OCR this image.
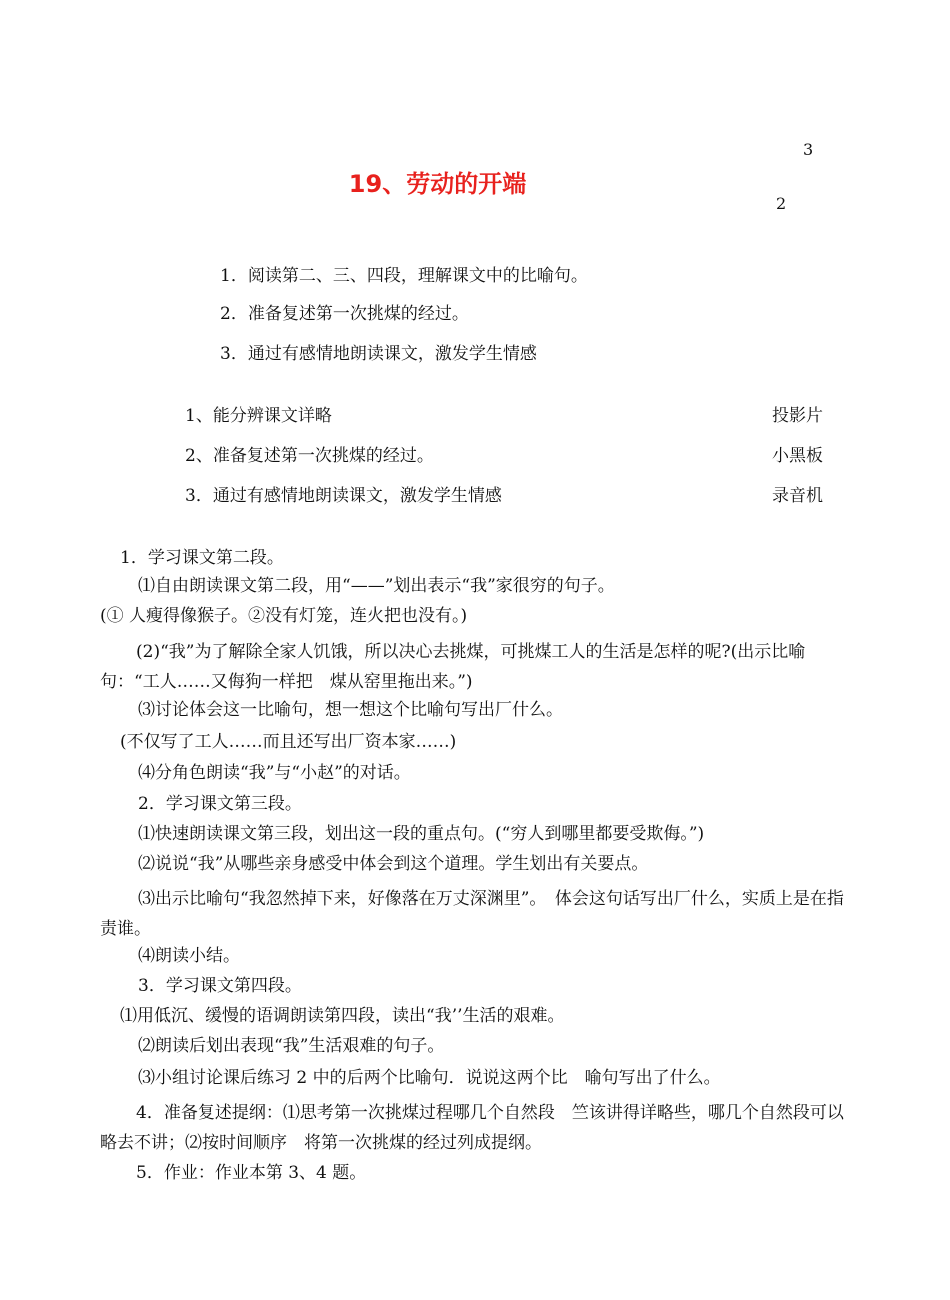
3
19、劳动的开端
2
1．阅读第二、三、四段，理解课文中的比喻句。
2．准备复述第一次挑煤的经过。
3．通过有感情地朗读课文，激发学生情感
1、能分辨课文详略	投影片
2、准备复述第一次挑煤的经过。	小黑板
3．通过有感情地朗读课文，激发学生情感	录音机
1．学习课文第二段。
⑴自由朗读课文第二段，用“——”划出表示“我”家很穷的句子。
(① 人瘦得像猴子。②没有灯笼，连火把也没有。)
(2)“我”为了解除全家人饥饿，所以决心去挑煤，可挑煤工人的生活是怎样的呢?(出示比喻句：“工人……又侮狗一样把　煤从窑里拖出来。”)
⑶讨论体会这一比喻句，想一想这个比喻句写出厂什么。
(不仅写了工人……而且还写出厂资本家……)
⑷分角色朗读“我”与“小赵”的对话。
2．学习课文第三段。
⑴快速朗读课文第三段，划出这一段的重点句。(“穷人到哪里都要受欺侮。”)
⑵说说“我”从哪些亲身感受中体会到这个道理。学生划出有关要点。
⑶出示比喻句“我忽然掉下来，好像落在万丈深渊里”。　体会这句话写出厂什么，实质上是在指责谁。
⑷朗读小结。
3．学习课文第四段。
⑴用低沉、缓慢的语调朗读第四段，读出“我’’生活的艰难。
⑵朗读后划出表现“我”生活艰难的句子。
⑶小组讨论课后练习 2 中的后两个比喻句．说说这两个比　喻句写出了什么。
4．准备复述提纲：⑴思考第一次挑煤过程哪几个自然段　竺该讲得详略些，哪几个自然段可以略去不讲；⑵按时间顺序　将第一次挑煤的经过列成提纲。
5．作业：作业本第 3、4 题。
